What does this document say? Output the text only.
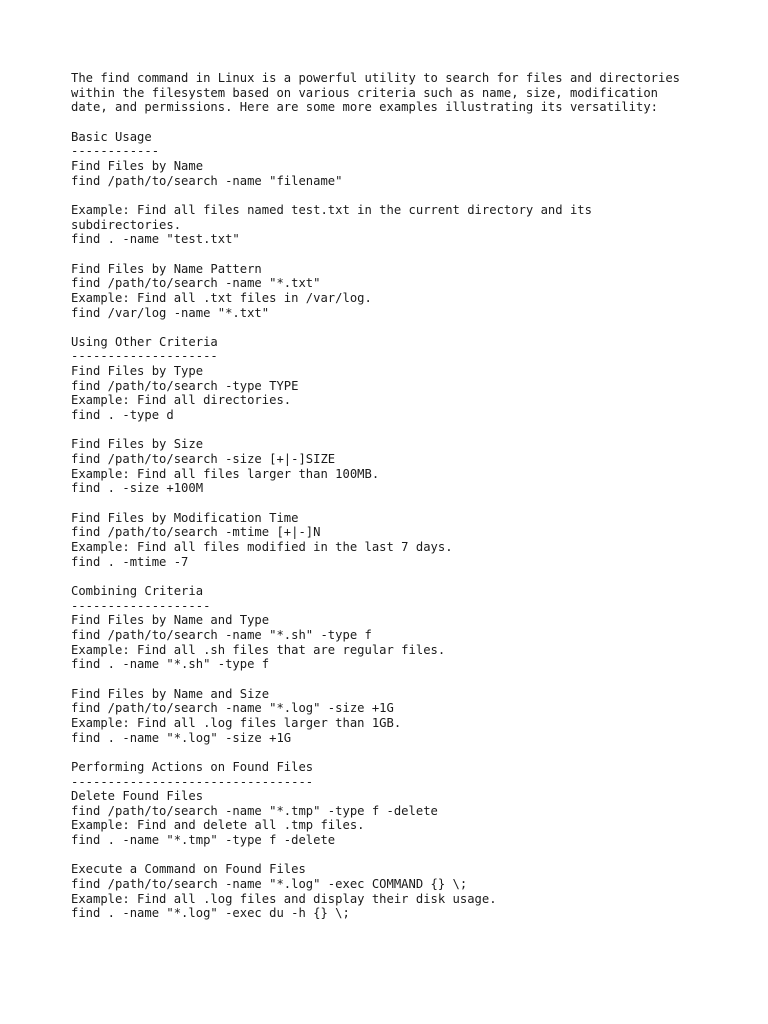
The find command in Linux is a powerful utility to search for files and directories
within the filesystem based on various criteria such as name, size, modification
date, and permissions. Here are some more examples illustrating its versatility:
Basic Usage
------------
Find Files by Name
find /path/to/search -name "filename"
Example: Find all files named test.txt in the current directory and its
subdirectories.
find . -name "test.txt"
Find Files by Name Pattern
find /path/to/search -name "*.txt"
Example: Find all .txt files in /var/log.
find /var/log -name "*.txt"
Using Other Criteria
--------------------
Find Files by Type
find /path/to/search -type TYPE
Example: Find all directories.
find . -type d
Find Files by Size
find /path/to/search -size [+|-]SIZE
Example: Find all files larger than 100MB.
find . -size +100M
Find Files by Modification Time
find /path/to/search -mtime [+|-]N
Example: Find all files modified in the last 7 days.
find . -mtime -7
Combining Criteria
-------------------
Find Files by Name and Type
find /path/to/search -name "*.sh" -type f
Example: Find all .sh files that are regular files.
find . -name "*.sh" -type f
Find Files by Name and Size
find /path/to/search -name "*.log" -size +1G
Example: Find all .log files larger than 1GB.
find . -name "*.log" -size +1G
Performing Actions on Found Files
---------------------------------
Delete Found Files
find /path/to/search -name "*.tmp" -type f -delete
Example: Find and delete all .tmp files.
find . -name "*.tmp" -type f -delete
Execute a Command on Found Files
find /path/to/search -name "*.log" -exec COMMAND {} \;
Example: Find all .log files and display their disk usage.
find . -name "*.log" -exec du -h {} \;
